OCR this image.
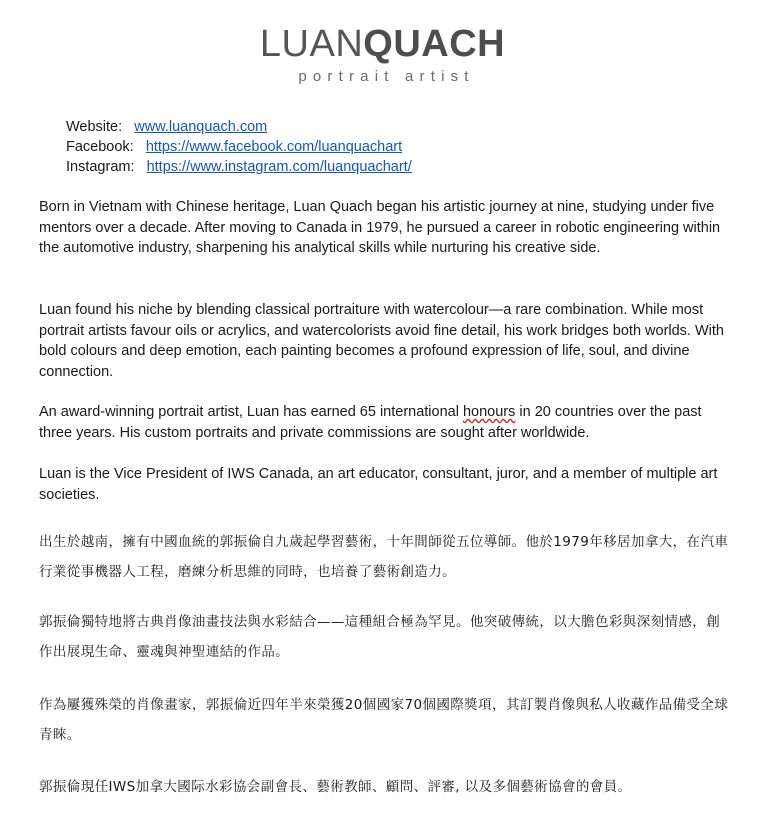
LUANQUACH
portrait artist
Website: www.luanquach.com
Facebook: https://www.facebook.com/luanquachart
Instagram: https://www.instagram.com/luanquachart/

Born in Vietnam with Chinese heritage, Luan Quach began his artistic journey at nine, studying under five mentors over a decade. After moving to Canada in 1979, he pursued a career in robotic engineering within the automotive industry, sharpening his analytical skills while nurturing his creative side.

Luan found his niche by blending classical portraiture with watercolour—a rare combination. While most portrait artists favour oils or acrylics, and watercolorists avoid fine detail, his work bridges both worlds. With bold colours and deep emotion, each painting becomes a profound expression of life, soul, and divine connection.

An award-winning portrait artist, Luan has earned 65 international honours in 20 countries over the past three years. His custom portraits and private commissions are sought after worldwide.

Luan is the Vice President of IWS Canada, an art educator, consultant, juror, and a member of multiple art societies.

出生於越南，擁有中國血統的郭振倫自九歲起學習藝術，十年間師從五位導師。他於1979年移居加拿大，在汽車行業從事機器人工程，磨練分析思維的同時，也培養了藝術創造力。

郭振倫獨特地將古典肖像油畫技法與水彩結合——這種組合極為罕見。他突破傳統，以大膽色彩與深刻情感，創作出展現生命、靈魂與神聖連結的作品。

作為屢獲殊榮的肖像畫家，郭振倫近四年半來榮獲20個國家70個國際獎項，其訂製肖像與私人收藏作品備受全球青睞。

郭振倫現任IWS加拿大國际水彩協会副會長、藝術教師、顧問、評審, 以及多個藝術協會的會員。
